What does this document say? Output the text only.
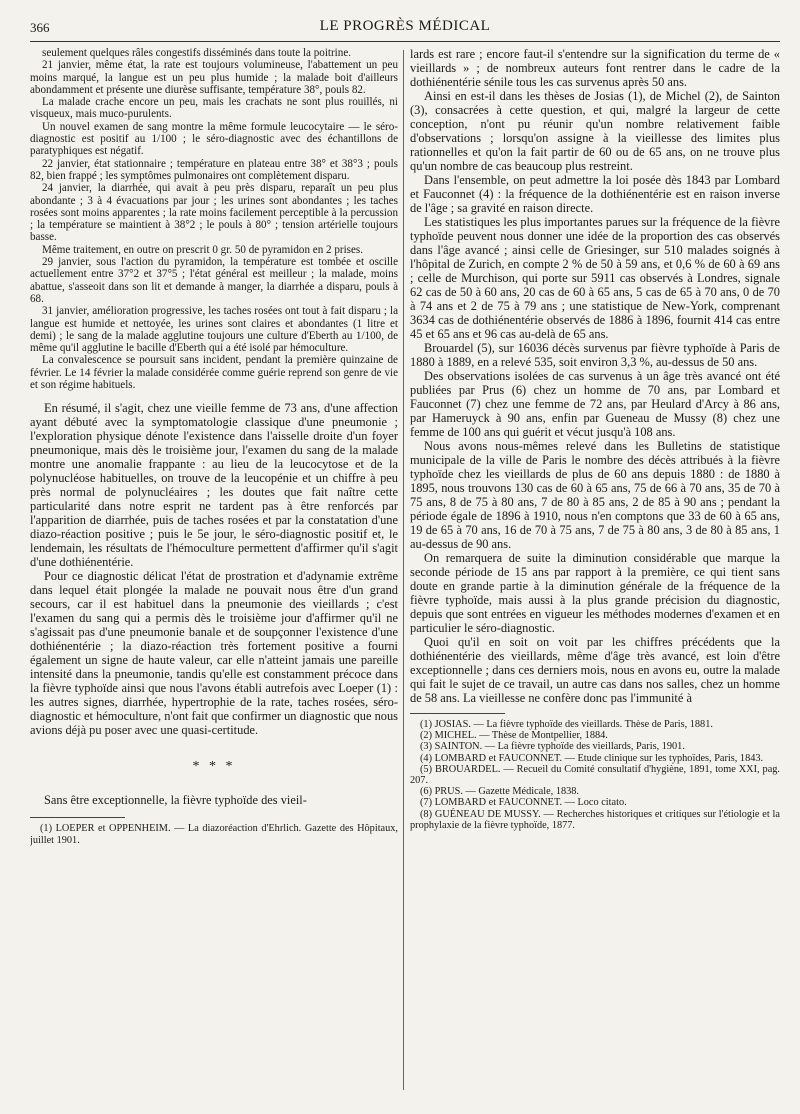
366	LE PROGRÈS MÉDICAL

seulement quelques râles congestifs disséminés dans toute la poitrine.

21 janvier, même état, la rate est toujours volumineuse, l'abattement un peu moins marqué, la langue est un peu plus humide ; la malade boit d'ailleurs abondamment et présente une diurèse suffisante, température 38°, pouls 82.

La malade crache encore un peu, mais les crachats ne sont plus rouillés, ni visqueux, mais muco-purulents.

Un nouvel examen de sang montre la même formule leucocytaire — le séro-diagnostic est positif au 1/100 ; le séro-diagnostic avec des échantillons de paratyphiques est négatif.

22 janvier, état stationnaire ; température en plateau entre 38° et 38°3 ; pouls 82, bien frappé ; les symptômes pulmonaires ont complètement disparu.

24 janvier, la diarrhée, qui avait à peu près disparu, reparaît un peu plus abondante ; 3 à 4 évacuations par jour ; les urines sont abondantes ; les taches rosées sont moins apparentes ; la rate moins facilement perceptible à la percussion ; la température se maintient à 38°2 ; le pouls à 80° ; tension artérielle toujours basse.

Même traitement, en outre on prescrit 0 gr. 50 de pyramidon en 2 prises.

29 janvier, sous l'action du pyramidon, la température est tombée et oscille actuellement entre 37°2 et 37°5 ; l'état général est meilleur ; la malade, moins abattue, s'asseoit dans son lit et demande à manger, la diarrhée a disparu, pouls à 68.

31 janvier, amélioration progressive, les taches rosées ont tout à fait disparu ; la langue est humide et nettoyée, les urines sont claires et abondantes (1 litre et demi) ; le sang de la malade agglutine toujours une culture d'Eberth au 1/100, de même qu'il agglutine le bacille d'Eberth qui a été isolé par hémoculture.

La convalescence se poursuit sans incident, pendant la première quinzaine de février. Le 14 février la malade considérée comme guérie reprend son genre de vie et son régime habituels.

En résumé, il s'agit, chez une vieille femme de 73 ans, d'une affection ayant débuté avec la symptomatologie classique d'une pneumonie ; l'exploration physique dénote l'existence dans l'aisselle droite d'un foyer pneumonique, mais dès le troisième jour, l'examen du sang de la malade montre une anomalie frappante : au lieu de la leucocytose et de la polynucléose habituelles, on trouve de la leucopénie et un chiffre à peu près normal de polynucléaires ; les doutes que fait naître cette particularité dans notre esprit ne tardent pas à être renforcés par l'apparition de diarrhée, puis de taches rosées et par la constatation d'une diazo-réaction positive ; puis le 5e jour, le séro-diagnostic positif et, le lendemain, les résultats de l'hémoculture permettent d'affirmer qu'il s'agit d'une dothiénentérie.

Pour ce diagnostic délicat l'état de prostration et d'adynamie extrême dans lequel était plongée la malade ne pouvait nous être d'un grand secours, car il est habituel dans la pneumonie des vieillards ; c'est l'examen du sang qui a permis dès le troisième jour d'affirmer qu'il ne s'agissait pas d'une pneumonie banale et de soupçonner l'existence d'une dothiénentérie ; la diazo-réaction très fortement positive a fourni également un signe de haute valeur, car elle n'atteint jamais une pareille intensité dans la pneumonie, tandis qu'elle est constamment précoce dans la fièvre typhoïde ainsi que nous l'avons établi autrefois avec Loeper (1) : les autres signes, diarrhée, hypertrophie de la rate, taches rosées, séro-diagnostic et hémoculture, n'ont fait que confirmer un diagnostic que nous avions déjà pu poser avec une quasi-certitude.

* * *

Sans être exceptionnelle, la fièvre typhoïde des vieil-

(1) LOEPER et OPPENHEIM. — La diazoréaction d'Ehrlich. Gazette des Hôpitaux, juillet 1901.

lards est rare ; encore faut-il s'entendre sur la signification du terme de « vieillards » ; de nombreux auteurs font rentrer dans le cadre de la dothiénentérie sénile tous les cas survenus après 50 ans.

Ainsi en est-il dans les thèses de Josias (1), de Michel (2), de Sainton (3), consacrées à cette question, et qui, malgré la largeur de cette conception, n'ont pu réunir qu'un nombre relativement faible d'observations ; lorsqu'on assigne à la vieillesse des limites plus rationnelles et qu'on la fait partir de 60 ou de 65 ans, on ne trouve plus qu'un nombre de cas beaucoup plus restreint.

Dans l'ensemble, on peut admettre la loi posée dès 1843 par Lombard et Fauconnet (4) : la fréquence de la dothiénentérie est en raison inverse de l'âge ; sa gravité en raison directe.

Les statistiques les plus importantes parues sur la fréquence de la fièvre typhoïde peuvent nous donner une idée de la proportion des cas observés dans l'âge avancé ; ainsi celle de Griesinger, sur 510 malades soignés à l'hôpital de Zurich, en compte 2 % de 50 à 59 ans, et 0,6 % de 60 à 69 ans ; celle de Murchison, qui porte sur 5911 cas observés à Londres, signale 62 cas de 50 à 60 ans, 20 cas de 60 à 65 ans, 5 cas de 65 à 70 ans, 0 de 70 à 74 ans et 2 de 75 à 79 ans ; une statistique de New-York, comprenant 3634 cas de dothiénentérie observés de 1886 à 1896, fournit 414 cas entre 45 et 65 ans et 96 cas au-delà de 65 ans.

Brouardel (5), sur 16036 décès survenus par fièvre typhoïde à Paris de 1880 à 1889, en a relevé 535, soit environ 3,3 %, au-dessus de 50 ans.

Des observations isolées de cas survenus à un âge très avancé ont été publiées par Prus (6) chez un homme de 70 ans, par Lombard et Fauconnet (7) chez une femme de 72 ans, par Heulard d'Arcy à 86 ans, par Hameruyck à 90 ans, enfin par Gueneau de Mussy (8) chez une femme de 100 ans qui guérit et vécut jusqu'à 108 ans.

Nous avons nous-mêmes relevé dans les Bulletins de statistique municipale de la ville de Paris le nombre des décès attribués à la fièvre typhoïde chez les vieillards de plus de 60 ans depuis 1880 : de 1880 à 1895, nous trouvons 130 cas de 60 à 65 ans, 75 de 66 à 70 ans, 35 de 70 à 75 ans, 8 de 75 à 80 ans, 7 de 80 à 85 ans, 2 de 85 à 90 ans ; pendant la période égale de 1896 à 1910, nous n'en comptons que 33 de 60 à 65 ans, 19 de 65 à 70 ans, 16 de 70 à 75 ans, 7 de 75 à 80 ans, 3 de 80 à 85 ans, 1 au-dessus de 90 ans.

On remarquera de suite la diminution considérable que marque la seconde période de 15 ans par rapport à la première, ce qui tient sans doute en grande partie à la diminution générale de la fréquence de la fièvre typhoïde, mais aussi à la plus grande précision du diagnostic, depuis que sont entrées en vigueur les méthodes modernes d'examen et en particulier le séro-diagnostic.

Quoi qu'il en soit on voit par les chiffres précédents que la dothiénentérie des vieillards, même d'âge très avancé, est loin d'être exceptionnelle ; dans ces derniers mois, nous en avons eu, outre la malade qui fait le sujet de ce travail, un autre cas dans nos salles, chez un homme de 58 ans. La vieillesse ne confère donc pas l'immunité à

(1) JOSIAS. — La fièvre typhoïde des vieillards. Thèse de Paris, 1881.

(2) MICHEL. — Thèse de Montpellier, 1884.

(3) SAINTON. — La fièvre typhoïde des vieillards, Paris, 1901.

(4) LOMBARD et FAUCONNET. — Etude clinique sur les typhoïdes, Paris, 1843.

(5) BROUARDEL. — Recueil du Comité consultatif d'hygiène, 1891, tome XXI, pag. 207.

(6) PRUS. — Gazette Médicale, 1838.

(7) LOMBARD et FAUCONNET. — Loco citato.

(8) GUÉNEAU DE MUSSY. — Recherches historiques et critiques sur l'étiologie et la prophylaxie de la fièvre typhoïde, 1877.
